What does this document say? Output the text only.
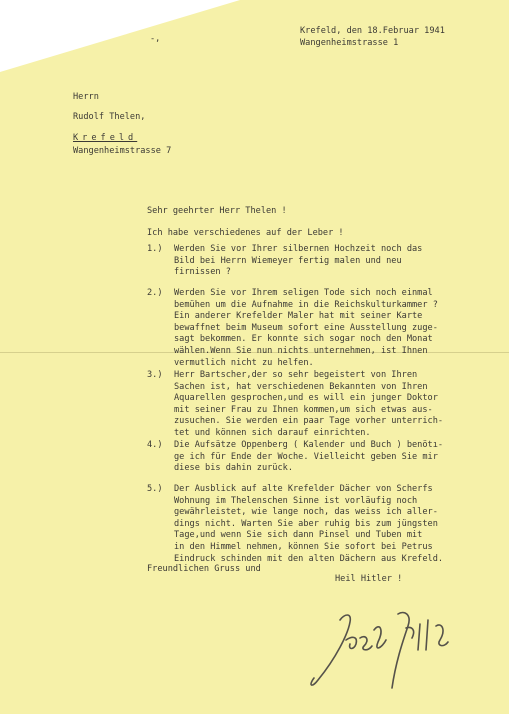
-,
Krefeld, den 18.Februar 1941
Wangenheimstrasse 1
Herrn
Rudolf Thelen,
Krefeld
Wangenheimstrasse 7
Sehr geehrter Herr Thelen !
Ich habe verschiedenes auf der Leber !
1.) Werden Sie vor Ihrer silbernen Hochzeit noch das
Bild bei Herrn Wiemeyer fertig malen und neu
firnissen ?
2.) Werden Sie vor Ihrem seligen Tode sich noch einmal
bemühen um die Aufnahme in die Reichskulturkammer ?
Ein anderer Krefelder Maler hat mit seiner Karte
bewaffnet beim Museum sofort eine Ausstellung zuge-
sagt bekommen. Er konnte sich sogar noch den Monat
wählen.Wenn Sie nun nichts unternehmen, ist Ihnen
vermutlich nicht zu helfen.
3.) Herr Bartscher,der so sehr begeistert von Ihren
Sachen ist, hat verschiedenen Bekannten von Ihren
Aquarellen gesprochen,und es will ein junger Doktor
mit seiner Frau zu Ihnen kommen,um sich etwas aus-
zusuchen. Sie werden ein paar Tage vorher unterrich-
tet und können sich darauf einrichten.
4.) Die Aufsätze Oppenberg ( Kalender und Buch ) benötı-
ge ich für Ende der Woche. Vielleicht geben Sie mir
diese bis dahin zurück.
5.) Der Ausblick auf alte Krefelder Dächer von Scherfs
Wohnung im Thelenschen Sinne ist vorläufig noch
gewährleistet, wie lange noch, das weiss ich aller-
dings nicht. Warten Sie aber ruhig bis zum jüngsten
Tage,und wenn Sie sich dann Pinsel und Tuben mit
in den Himmel nehmen, können Sie sofort bei Petrus
Eindruck schinden mit den alten Dächern aus Krefeld.
Freundlichen Gruss und
Heil Hitler !
